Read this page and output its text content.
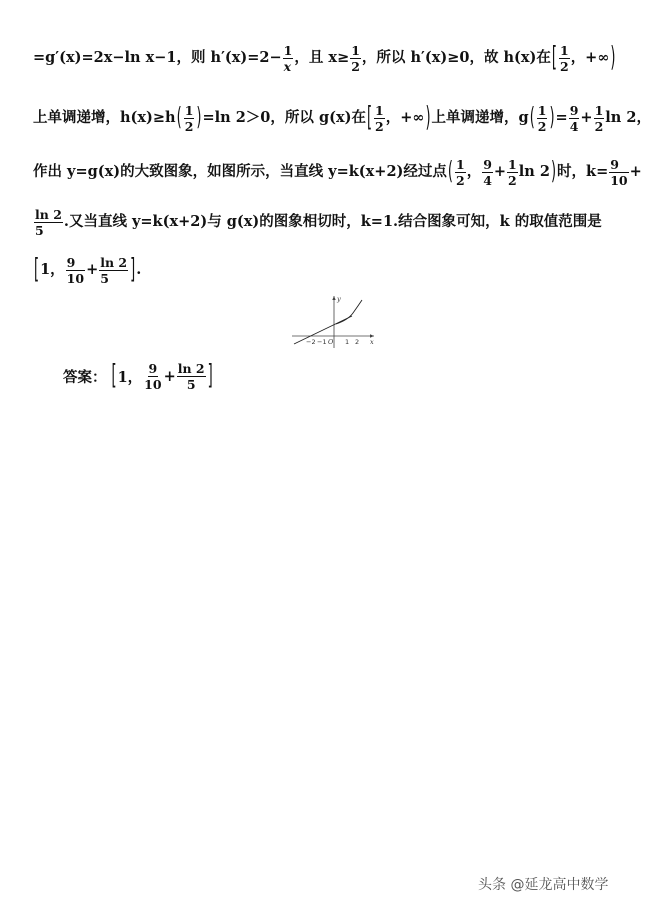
=g′(x)=2x−ln x−1，则 $h'(x)=2- \frac{1}{x}$ ，且 $x\ge \frac{1}{2}$ ，所以 h′(x)≥0，故 h(x)在 [ $\frac{1}{2}$ ，+∞ )
上单调递增，h(x)≥h ( $\frac{1}{2}$ ) =ln 2＞0，所以 g(x)在 [ $\frac{1}{2}$ ，+∞ ) 上单调递增，g ( $\frac{1}{2}$ ) = $\frac{9}{4} + \frac{1}{2}$ ln 2，
作出 y=g(x)的大致图象，如图所示，当直线 y=k(x+2)经过点 ( $\frac{1}{2}$ ， $\frac{9}{4} + \frac{1}{2}$ ln 2 ) 时，$k= \frac{9}{10}$ +
$\frac{\ln 2}{5}$ .又当直线 y=k(x+2)与 g(x)的图象相切时，k=1.结合图象可知，k 的取值范围是
[ 1， $\frac{9}{10} + \frac{\ln 2}{5}$ ] .
−2 −1 O 1 2 x
y
答案： [ 1， $\frac{9}{10} + \frac{\ln 2}{5}$ ]
头条 @延龙高中数学
